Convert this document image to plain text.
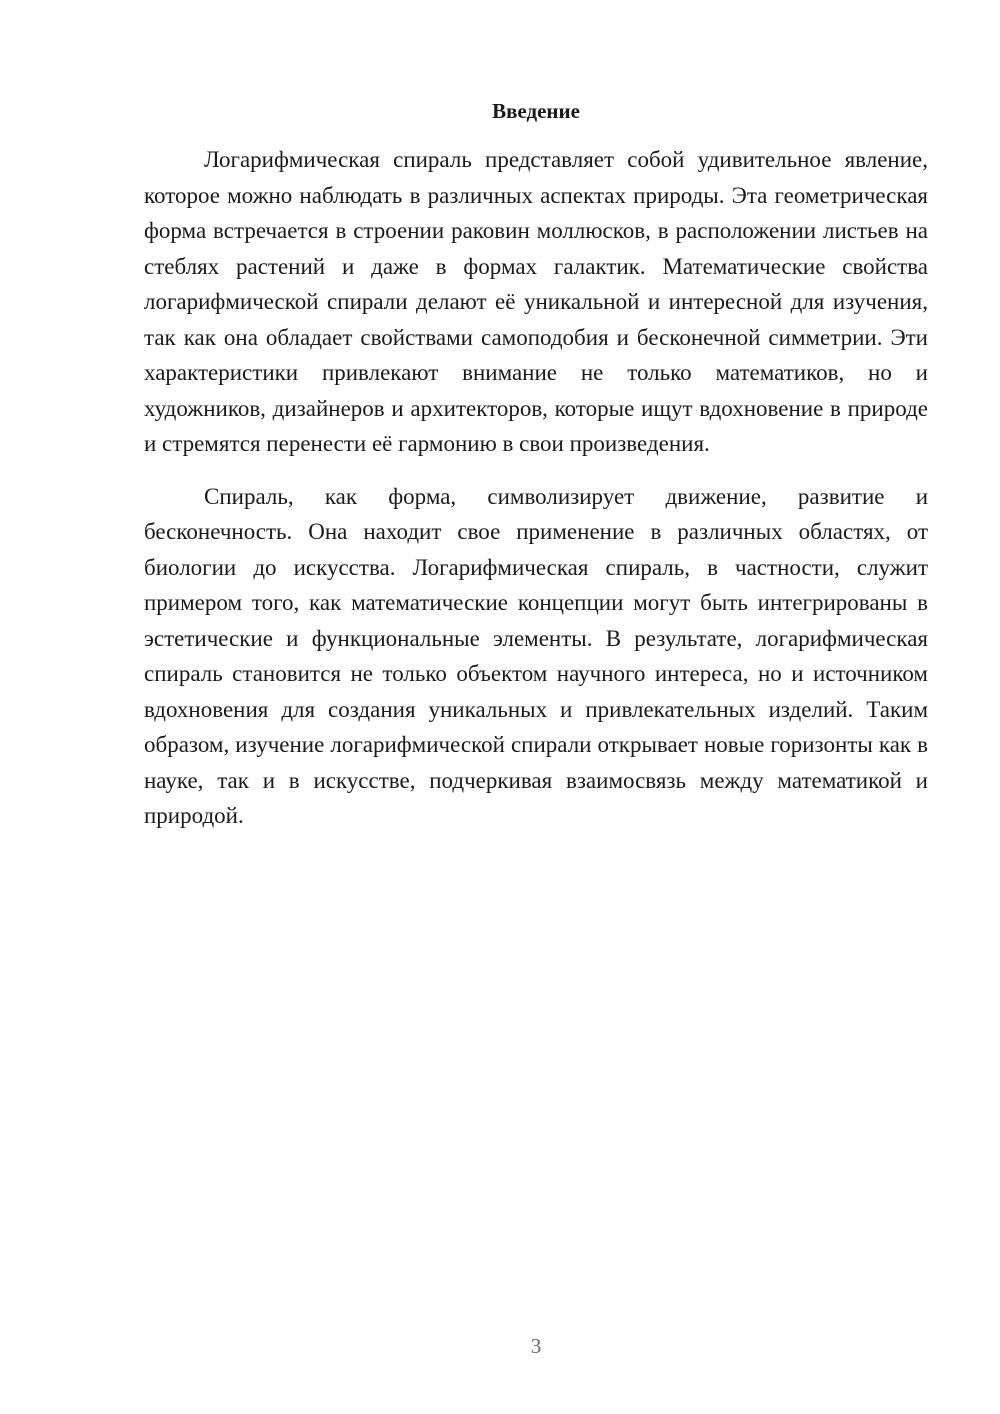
Введение

Логарифмическая спираль представляет собой удивительное явление, которое можно наблюдать в различных аспектах природы. Эта геометрическая форма встречается в строении раковин моллюсков, в расположении листьев на стеблях растений и даже в формах галактик. Математические свойства логарифмической спирали делают её уникальной и интересной для изучения, так как она обладает свойствами самоподобия и бесконечной симметрии. Эти характеристики привлекают внимание не только математиков, но и художников, дизайнеров и архитекторов, которые ищут вдохновение в природе и стремятся перенести её гармонию в свои произведения.

Спираль, как форма, символизирует движение, развитие и бесконечность. Она находит свое применение в различных областях, от биологии до искусства. Логарифмическая спираль, в частности, служит примером того, как математические концепции могут быть интегрированы в эстетические и функциональные элементы. В результате, логарифмическая спираль становится не только объектом научного интереса, но и источником вдохновения для создания уникальных и привлекательных изделий. Таким образом, изучение логарифмической спирали открывает новые горизонты как в науке, так и в искусстве, подчеркивая взаимосвязь между математикой и природой.

3
